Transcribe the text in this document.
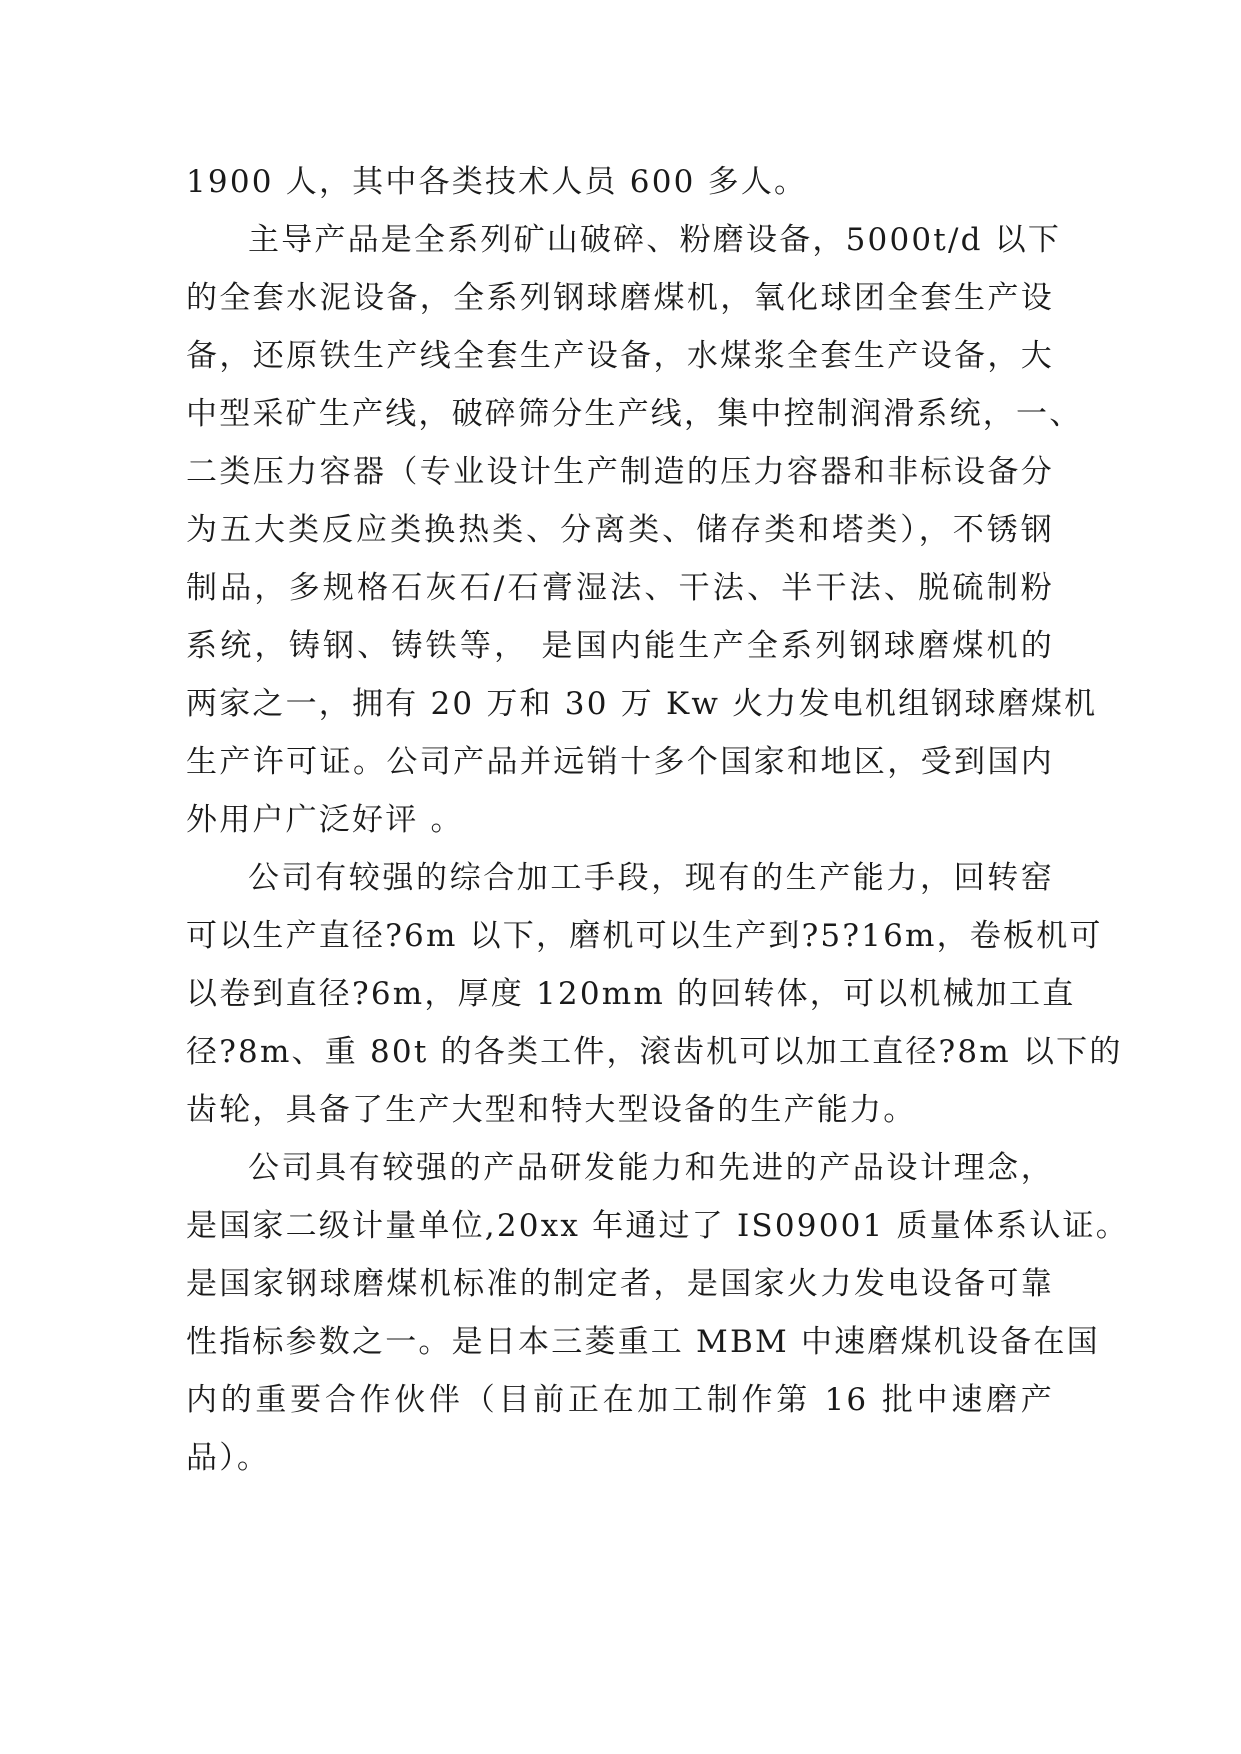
1900 人，其中各类技术人员 600 多人。
主导产品是全系列矿山破碎、粉磨设备，5000t/d 以下
的全套水泥设备，全系列钢球磨煤机，氧化球团全套生产设
备，还原铁生产线全套生产设备，水煤浆全套生产设备，大
中型采矿生产线，破碎筛分生产线，集中控制润滑系统，一、
二类压力容器（专业设计生产制造的压力容器和非标设备分
为五大类反应类换热类、分离类、储存类和塔类），不锈钢
制品，多规格石灰石/石膏湿法、干法、半干法、脱硫制粉
系统，铸钢、铸铁等， 是国内能生产全系列钢球磨煤机的
两家之一，拥有 20 万和 30 万 Kw 火力发电机组钢球磨煤机
生产许可证。公司产品并远销十多个国家和地区，受到国内
外用户广泛好评 。
公司有较强的综合加工手段，现有的生产能力，回转窑
可以生产直径?6m 以下，磨机可以生产到?5?16m，卷板机可
以卷到直径?6m，厚度 120mm 的回转体，可以机械加工直
径?8m、重 80t 的各类工件，滚齿机可以加工直径?8m 以下的
齿轮，具备了生产大型和特大型设备的生产能力。
公司具有较强的产品研发能力和先进的产品设计理念，
是国家二级计量单位,20xx 年通过了 IS09001 质量体系认证。
是国家钢球磨煤机标准的制定者，是国家火力发电设备可靠
性指标参数之一。是日本三菱重工 MBM 中速磨煤机设备在国
内的重要合作伙伴（目前正在加工制作第 16 批中速磨产
品）。
